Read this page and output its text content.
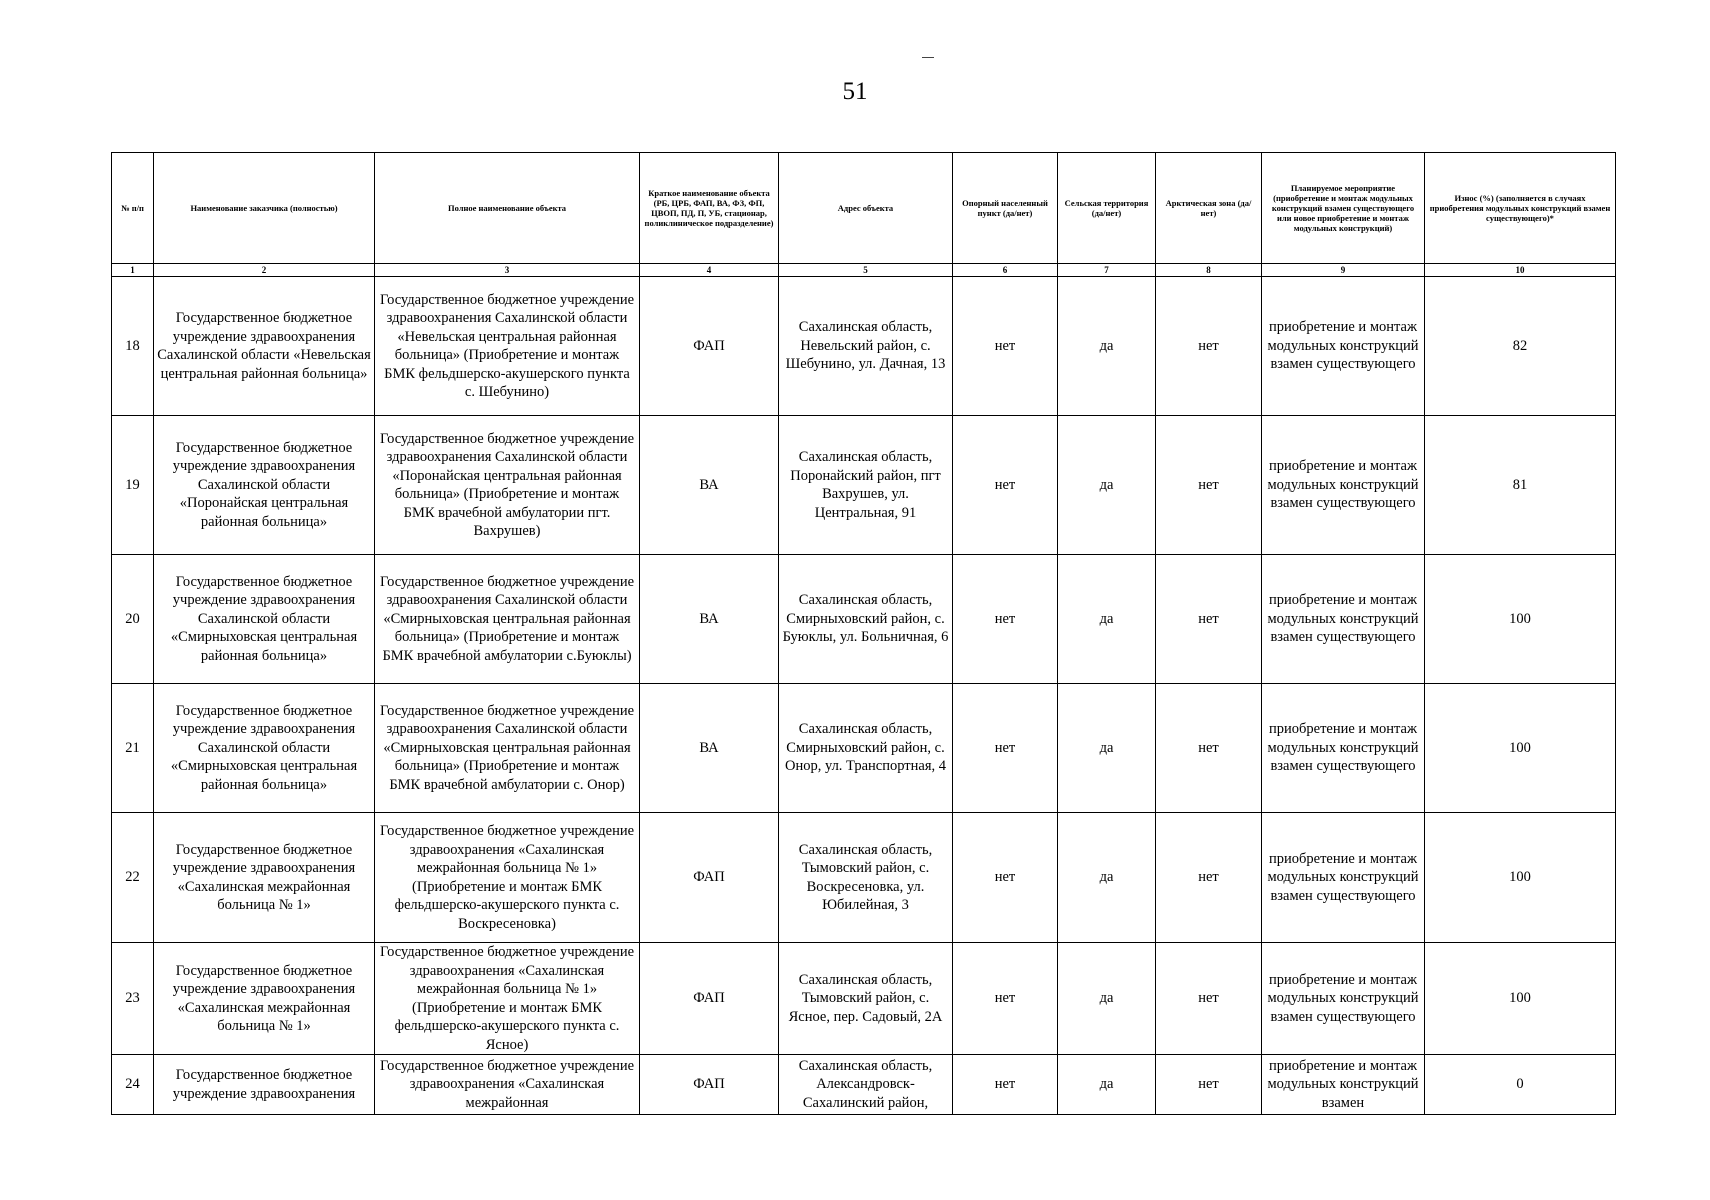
51
№ п/п	Наименование заказчика (полностью)	Полное наименование объекта	Краткое наименование объекта (РБ, ЦРБ, ФАП, ВА, ФЗ, ФП, ЦВОП, ПД, П, УБ, стационар, поликлиническое подразделение)	Адрес объекта	Опорный населенный пункт (да/нет)	Сельская территория (да/нет)	Арктическая зона (да/нет)	Планируемое мероприятие (приобретение и монтаж модульных конструкций взамен существующего или новое приобретение и монтаж модульных конструкций)	Износ (%) (заполняется в случаях приобретения модульных конструкций взамен существующего)*
1	2	3	4	5	6	7	8	9	10
18	Государственное бюджетное учреждение здравоохранения Сахалинской области «Невельская центральная районная больница»	Государственное бюджетное учреждение здравоохранения Сахалинской области «Невельская центральная районная больница» (Приобретение и монтаж БМК фельдшерско-акушерского пункта с. Шебунино)	ФАП	Сахалинская область, Невельский район, с. Шебунино, ул. Дачная, 13	нет	да	нет	приобретение и монтаж модульных конструкций взамен существующего	82
19	Государственное бюджетное учреждение здравоохранения Сахалинской области «Поронайская центральная районная больница»	Государственное бюджетное учреждение здравоохранения Сахалинской области «Поронайская центральная районная больница» (Приобретение и монтаж БМК врачебной амбулатории пгт. Вахрушев)	ВА	Сахалинская область, Поронайский район, пгт Вахрушев, ул. Центральная, 91	нет	да	нет	приобретение и монтаж модульных конструкций взамен существующего	81
20	Государственное бюджетное учреждение здравоохранения Сахалинской области «Смирныховская центральная районная больница»	Государственное бюджетное учреждение здравоохранения Сахалинской области «Смирныховская центральная районная больница» (Приобретение и монтаж БМК врачебной амбулатории с.Буюклы)	ВА	Сахалинская область, Смирныховский район, с. Буюклы, ул. Больничная, 6	нет	да	нет	приобретение и монтаж модульных конструкций взамен существующего	100
21	Государственное бюджетное учреждение здравоохранения Сахалинской области «Смирныховская центральная районная больница»	Государственное бюджетное учреждение здравоохранения Сахалинской области «Смирныховская центральная районная больница» (Приобретение и монтаж БМК врачебной амбулатории с. Онор)	ВА	Сахалинская область, Смирныховский район, с. Онор, ул. Транспортная, 4	нет	да	нет	приобретение и монтаж модульных конструкций взамен существующего	100
22	Государственное бюджетное учреждение здравоохранения «Сахалинская межрайонная больница № 1»	Государственное бюджетное учреждение здравоохранения «Сахалинская межрайонная больница № 1» (Приобретение и монтаж БМК фельдшерско-акушерского пункта с. Воскресеновка)	ФАП	Сахалинская область, Тымовский район, с. Воскресеновка, ул. Юбилейная, 3	нет	да	нет	приобретение и монтаж модульных конструкций взамен существующего	100
23	Государственное бюджетное учреждение здравоохранения «Сахалинская межрайонная больница № 1»	Государственное бюджетное учреждение здравоохранения «Сахалинская межрайонная больница № 1» (Приобретение и монтаж БМК фельдшерско-акушерского пункта с. Ясное)	ФАП	Сахалинская область, Тымовский район, с. Ясное, пер. Садовый, 2А	нет	да	нет	приобретение и монтаж модульных конструкций взамен существующего	100
24	Государственное бюджетное учреждение здравоохранения	Государственное бюджетное учреждение здравоохранения «Сахалинская межрайонная	ФАП	Сахалинская область, Александровск-Сахалинский район,	нет	да	нет	приобретение и монтаж модульных конструкций взамен	0
